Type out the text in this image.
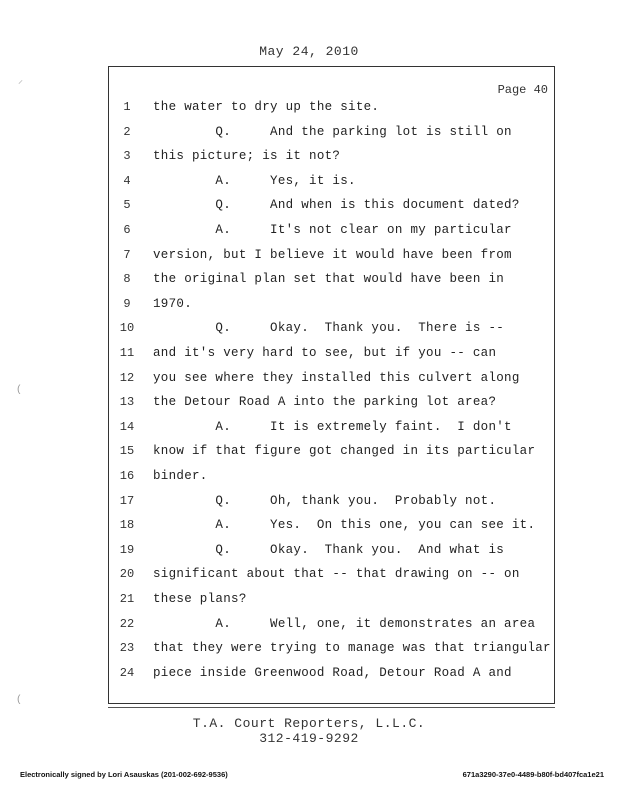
May 24, 2010
Page 40
1	the water to dry up the site.
2	Q.     And the parking lot is still on
3	this picture; is it not?
4	A.     Yes, it is.
5	Q.     And when is this document dated?
6	A.     It's not clear on my particular
7	version, but I believe it would have been from
8	the original plan set that would have been in
9	1970.
10	Q.     Okay.  Thank you.  There is --
11	and it's very hard to see, but if you -- can
12	you see where they installed this culvert along
13	the Detour Road A into the parking lot area?
14	A.     It is extremely faint.  I don't
15	know if that figure got changed in its particular
16	binder.
17	Q.     Oh, thank you.  Probably not.
18	A.     Yes.  On this one, you can see it.
19	Q.     Okay.  Thank you.  And what is
20	significant about that -- that drawing on -- on
21	these plans?
22	A.     Well, one, it demonstrates an area
23	that they were trying to manage was that triangular
24	piece inside Greenwood Road, Detour Road A and
T.A. Court Reporters, L.L.C.
312-419-9292
Electronically signed by Lori Asauskas (201-002-692-9536)	671a3290-37e0-4489-b80f-bd407fca1e21
⸝
(
(
